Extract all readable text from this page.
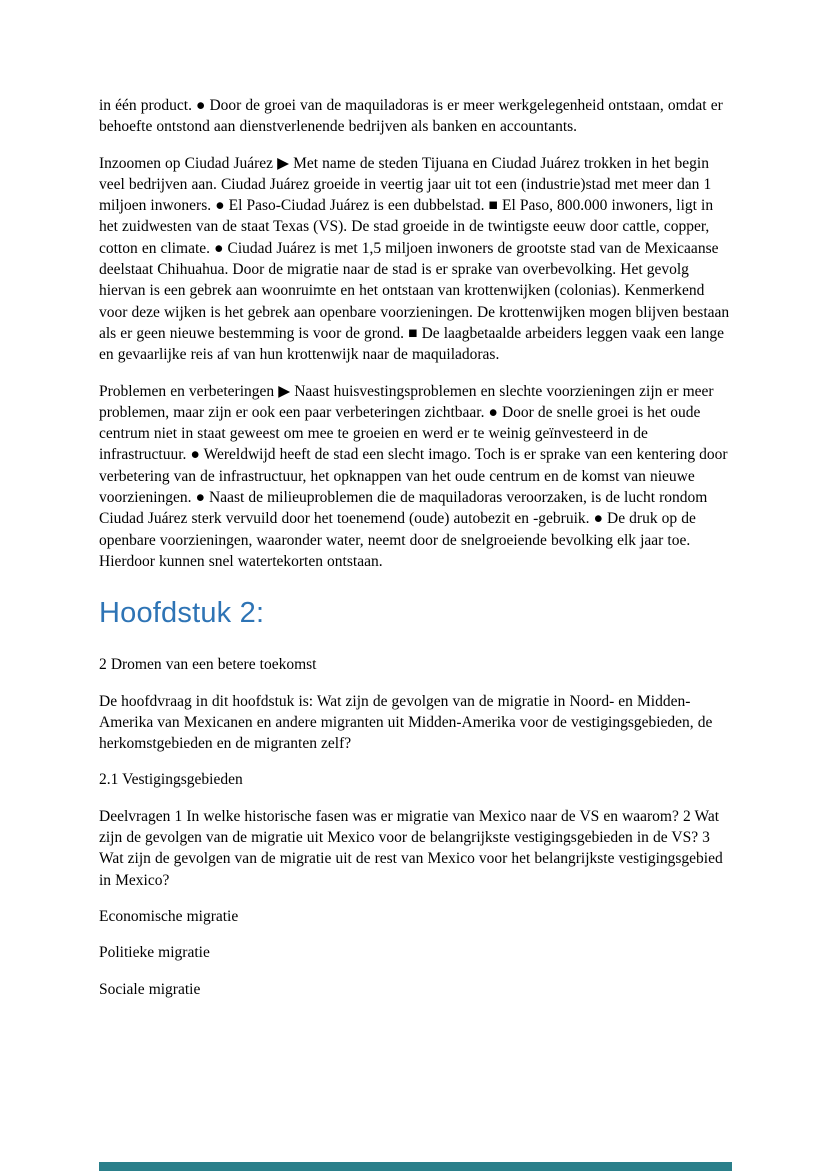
in één product. ● Door de groei van de maquiladoras is er meer werkgelegenheid ontstaan, omdat er behoefte ontstond aan dienstverlenende bedrijven als banken en accountants.

Inzoomen op Ciudad Juárez ▶ Met name de steden Tijuana en Ciudad Juárez trokken in het begin veel bedrijven aan. Ciudad Juárez groeide in veertig jaar uit tot een (industrie)stad met meer dan 1 miljoen inwoners. ● El Paso-Ciudad Juárez is een dubbelstad. ■ El Paso, 800.000 inwoners, ligt in het zuidwesten van de staat Texas (VS). De stad groeide in de twintigste eeuw door cattle, copper, cotton en climate. ● Ciudad Juárez is met 1,5 miljoen inwoners de grootste stad van de Mexicaanse deelstaat Chihuahua. Door de migratie naar de stad is er sprake van overbevolking. Het gevolg hiervan is een gebrek aan woonruimte en het ontstaan van krottenwijken (colonias). Kenmerkend voor deze wijken is het gebrek aan openbare voorzieningen. De krottenwijken mogen blijven bestaan als er geen nieuwe bestemming is voor de grond. ■ De laagbetaalde arbeiders leggen vaak een lange en gevaarlijke reis af van hun krottenwijk naar de maquiladoras.

Problemen en verbeteringen ▶ Naast huisvestingsproblemen en slechte voorzieningen zijn er meer problemen, maar zijn er ook een paar verbeteringen zichtbaar. ● Door de snelle groei is het oude centrum niet in staat geweest om mee te groeien en werd er te weinig geïnvesteerd in de infrastructuur. ● Wereldwijd heeft de stad een slecht imago. Toch is er sprake van een kentering door verbetering van de infrastructuur, het opknappen van het oude centrum en de komst van nieuwe voorzieningen. ● Naast de milieuproblemen die de maquiladoras veroorzaken, is de lucht rondom Ciudad Juárez sterk vervuild door het toenemend (oude) autobezit en -gebruik. ● De druk op de openbare voorzieningen, waaronder water, neemt door de snelgroeiende bevolking elk jaar toe. Hierdoor kunnen snel watertekorten ontstaan.

Hoofdstuk 2:

2 Dromen van een betere toekomst

De hoofdvraag in dit hoofdstuk is: Wat zijn de gevolgen van de migratie in Noord- en Midden-Amerika van Mexicanen en andere migranten uit Midden-Amerika voor de vestigingsgebieden, de herkomstgebieden en de migranten zelf?

2.1 Vestigingsgebieden

Deelvragen 1 In welke historische fasen was er migratie van Mexico naar de VS en waarom? 2 Wat zijn de gevolgen van de migratie uit Mexico voor de belangrijkste vestigingsgebieden in de VS? 3 Wat zijn de gevolgen van de migratie uit de rest van Mexico voor het belangrijkste vestigingsgebied in Mexico?

Economische migratie

Politieke migratie

Sociale migratie
